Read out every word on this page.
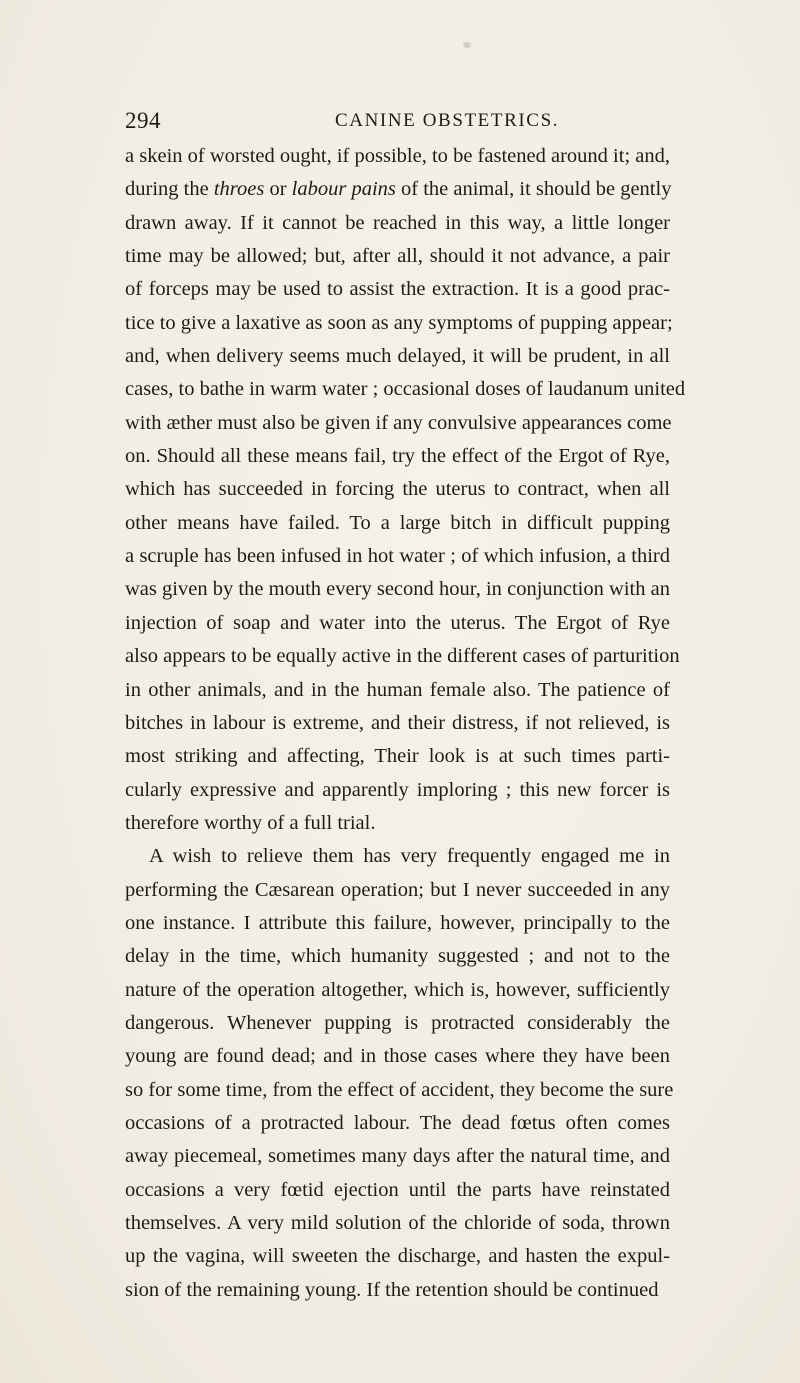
294	CANINE OBSTETRICS.
a skein of worsted ought, if possible, to be fastened around it; and,
during the throes or labour pains of the animal, it should be gently
drawn away. If it cannot be reached in this way, a little longer
time may be allowed; but, after all, should it not advance, a pair
of forceps may be used to assist the extraction. It is a good prac-
tice to give a laxative as soon as any symptoms of pupping appear;
and, when delivery seems much delayed, it will be prudent, in all
cases, to bathe in warm water ; occasional doses of laudanum united
with æther must also be given if any convulsive appearances come
on. Should all these means fail, try the effect of the Ergot of Rye,
which has succeeded in forcing the uterus to contract, when all
other means have failed. To a large bitch in difficult pupping
a scruple has been infused in hot water ; of which infusion, a third
was given by the mouth every second hour, in conjunction with an
injection of soap and water into the uterus. The Ergot of Rye
also appears to be equally active in the different cases of parturition
in other animals, and in the human female also. The patience of
bitches in labour is extreme, and their distress, if not relieved, is
most striking and affecting, Their look is at such times parti-
cularly expressive and apparently imploring ; this new forcer is
therefore worthy of a full trial.
A wish to relieve them has very frequently engaged me in
performing the Cæsarean operation; but I never succeeded in any
one instance. I attribute this failure, however, principally to the
delay in the time, which humanity suggested ; and not to the
nature of the operation altogether, which is, however, sufficiently
dangerous. Whenever pupping is protracted considerably the
young are found dead; and in those cases where they have been
so for some time, from the effect of accident, they become the sure
occasions of a protracted labour. The dead fœtus often comes
away piecemeal, sometimes many days after the natural time, and
occasions a very fœtid ejection until the parts have reinstated
themselves. A very mild solution of the chloride of soda, thrown
up the vagina, will sweeten the discharge, and hasten the expul-
sion of the remaining young. If the retention should be continued
